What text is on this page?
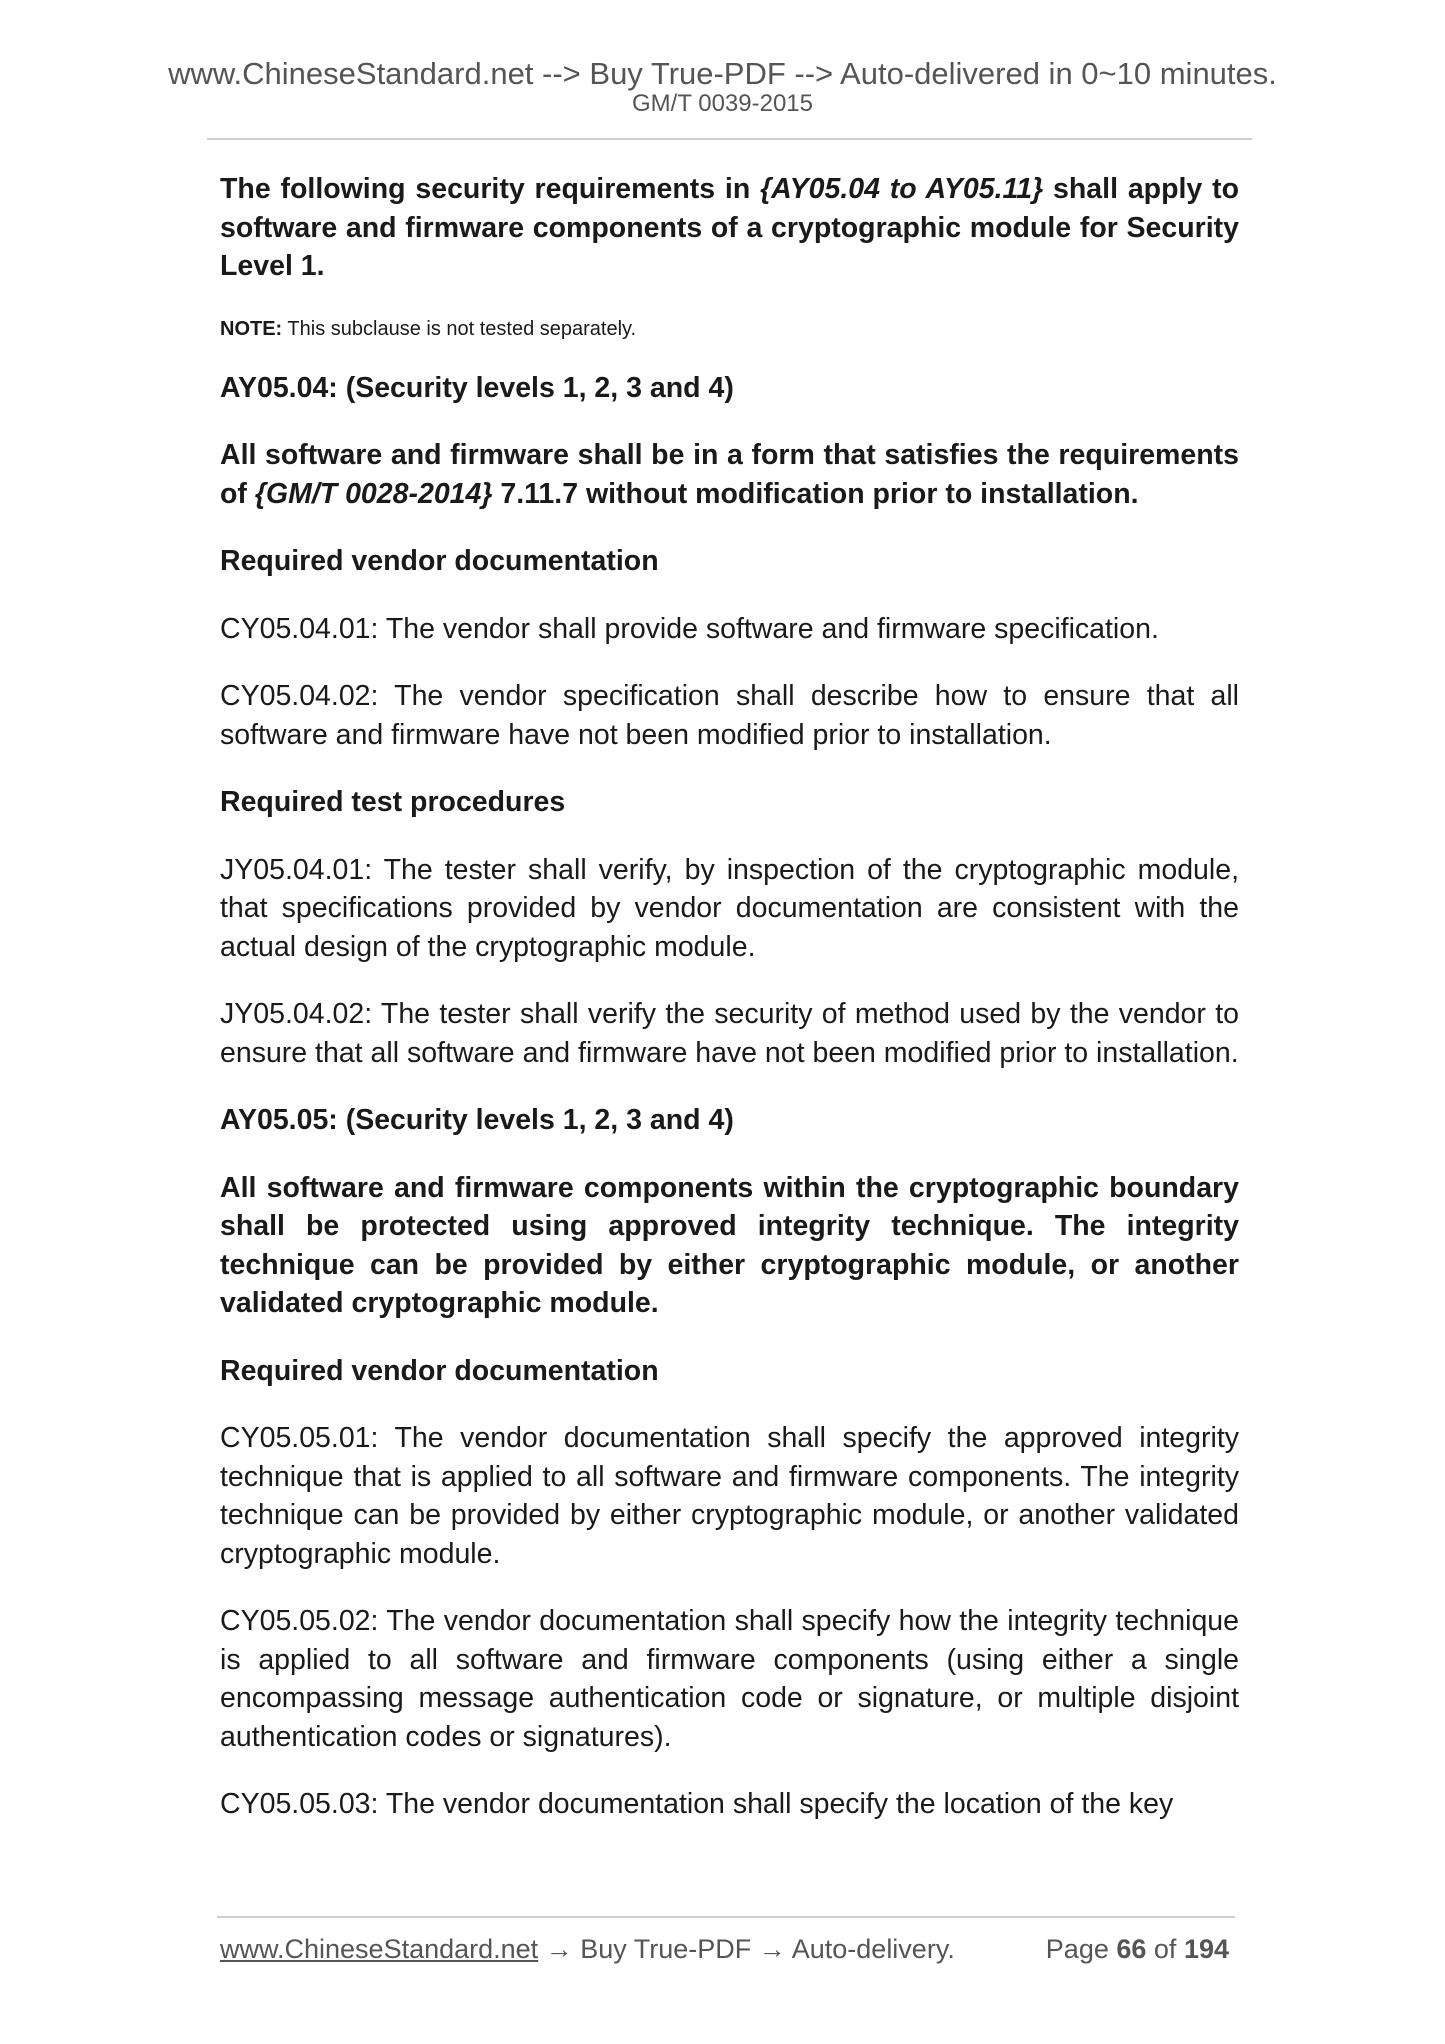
www.ChineseStandard.net --> Buy True-PDF --> Auto-delivered in 0~10 minutes.
GM/T 0039-2015

The following security requirements in {AY05.04 to AY05.11} shall apply to software and firmware components of a cryptographic module for Security Level 1.

NOTE: This subclause is not tested separately.

AY05.04: (Security levels 1, 2, 3 and 4)

All software and firmware shall be in a form that satisfies the requirements of {GM/T 0028-2014} 7.11.7 without modification prior to installation.

Required vendor documentation

CY05.04.01: The vendor shall provide software and firmware specification.

CY05.04.02: The vendor specification shall describe how to ensure that all software and firmware have not been modified prior to installation.

Required test procedures

JY05.04.01: The tester shall verify, by inspection of the cryptographic module, that specifications provided by vendor documentation are consistent with the actual design of the cryptographic module.

JY05.04.02: The tester shall verify the security of method used by the vendor to ensure that all software and firmware have not been modified prior to installation.

AY05.05: (Security levels 1, 2, 3 and 4)

All software and firmware components within the cryptographic boundary shall be protected using approved integrity technique. The integrity technique can be provided by either cryptographic module, or another validated cryptographic module.

Required vendor documentation

CY05.05.01: The vendor documentation shall specify the approved integrity technique that is applied to all software and firmware components. The integrity technique can be provided by either cryptographic module, or another validated cryptographic module.

CY05.05.02: The vendor documentation shall specify how the integrity technique is applied to all software and firmware components (using either a single encompassing message authentication code or signature, or multiple disjoint authentication codes or signatures).

CY05.05.03: The vendor documentation shall specify the location of the key

www.ChineseStandard.net → Buy True-PDF → Auto-delivery.	Page 66 of 194
